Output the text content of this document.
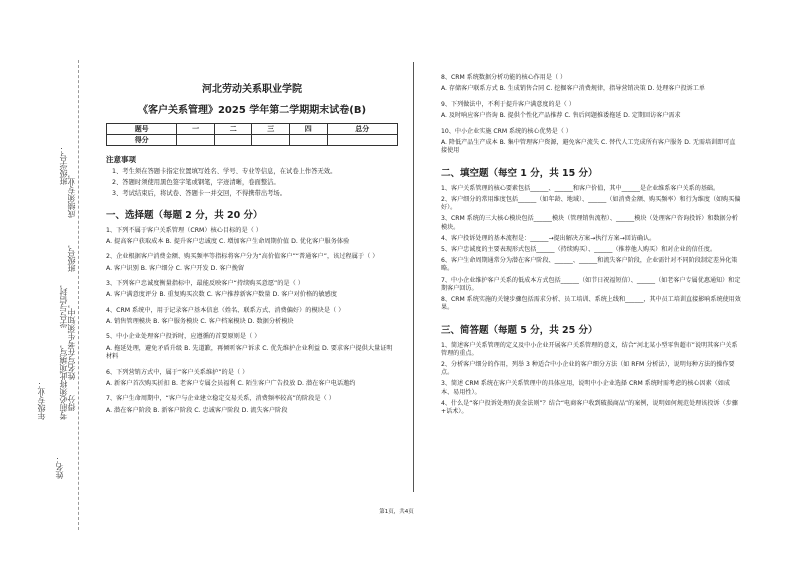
年级专业：
班级学号：
姓名：
成绩须专业，
班级号，
学号与信封， 姓名写在考生须知中，
考前必须将此项填写， 得分
河北劳动关系职业学院
《客户关系管理》2025 学年第二学期期末试卷(B)
题号	一	二	三	四	总分
得分					
注意事项
1、考生须在答题卡指定位置填写姓名、学号、专业等信息，在试卷上作答无效。
2、答题时须使用黑色签字笔或钢笔，字迹清晰，卷面整洁。
3、考试结束后，将试卷、答题卡一并交回，不得携带出考场。
一、选择题（每题 2 分，共 20 分）
1、下列不属于客户关系管理（CRM）核心目标的是（ ）
A. 提高客户获取成本 B. 提升客户忠诚度 C. 增加客户生命周期价值 D. 优化客户服务体验
2、企业根据客户消费金额、购买频率等指标将客户分为“高价值客户”“普通客户”，该过程属于（ ）
A. 客户识别 B. 客户细分 C. 客户开发 D. 客户挽留
3、下列客户忠诚度衡量指标中，最能反映客户“持续购买意愿”的是（ ）
A. 客户满意度评分 B. 重复购买次数 C. 客户推荐新客户数量 D. 客户对价格的敏感度
4、CRM 系统中，用于记录客户基本信息（姓名、联系方式、消费偏好）的模块是（ ）
A. 销售管理模块 B. 客户服务模块 C. 客户档案模块 D. 数据分析模块
5、中小企业处理客户投诉时，应遵循的首要原则是（ ）
A. 拖延处理，避免矛盾升级 B. 先道歉，再倾听客户诉求 C. 优先维护企业利益 D. 要求客户提供大量证明材料
6、下列营销方式中，属于“客户关系维护”的是（ ）
A. 新客户首次购买折扣 B. 老客户专属会员福利 C. 陌生客户广告投放 D. 潜在客户电话邀约
7、客户生命周期中，“客户与企业建立稳定交易关系，消费频率较高”的阶段是（ ）
A. 潜在客户阶段 B. 新客户阶段 C. 忠诚客户阶段 D. 流失客户阶段
8、CRM 系统数据分析功能的核心作用是（ ）
A. 存储客户联系方式 B. 生成销售合同 C. 挖掘客户消费规律，指导营销决策 D. 处理客户投诉工单
9、下列做法中，不利于提升客户满意度的是（ ）
A. 及时响应客户咨询 B. 提供个性化产品推荐 C. 售后问题推诿拖延 D. 定期回访客户需求
10、中小企业实施 CRM 系统的核心优势是（ ）
A. 降低产品生产成本 B. 集中管理客户资源，避免客户流失 C. 替代人工完成所有客户服务 D. 无需培训即可直接使用
二、填空题（每空 1 分，共 15 分）
1、客户关系管理的核心要素包括______、______和客户价值，其中______是企业维系客户关系的基础。
2、客户细分的常用维度包括______（如年龄、地域）、______（如消费金额、购买频率）和行为维度（如购买偏好）。
3、CRM 系统的三大核心模块包括______模块（管理销售流程）、______模块（处理客户咨询投诉）和数据分析模块。
4、客户投诉处理的基本流程是：______→提出解决方案→执行方案→回访确认。
5、客户忠诚度的主要表现形式包括______（持续购买）、______（推荐他人购买）和对企业的信任度。
6、客户生命周期通常分为潜在客户阶段、______、______和流失客户阶段，企业需针对不同阶段制定差异化策略。
7、中小企业维护客户关系的低成本方式包括______（如节日祝福短信）、______（如老客户专属优惠通知）和定期客户回访。
8、CRM 系统实施的关键步骤包括需求分析、员工培训、系统上线和______，其中员工培训直接影响系统使用效果。
三、简答题（每题 5 分，共 25 分）
1、简述客户关系管理的定义及中小企业开展客户关系管理的意义，结合“河北某小型零售超市”说明其客户关系管理的重点。
2、分析客户细分的作用，列举 3 种适合中小企业的客户细分方法（如 RFM 分析法），说明每种方法的操作要点。
3、简述 CRM 系统在客户关系管理中的具体应用，说明中小企业选择 CRM 系统时需考虑的核心因素（如成本、易用性）。
4、什么是“客户投诉处理的黄金法则”？结合“电商客户收到破损商品”的案例，说明如何规范处理该投诉（步骤+话术）。
第1页，共4页
